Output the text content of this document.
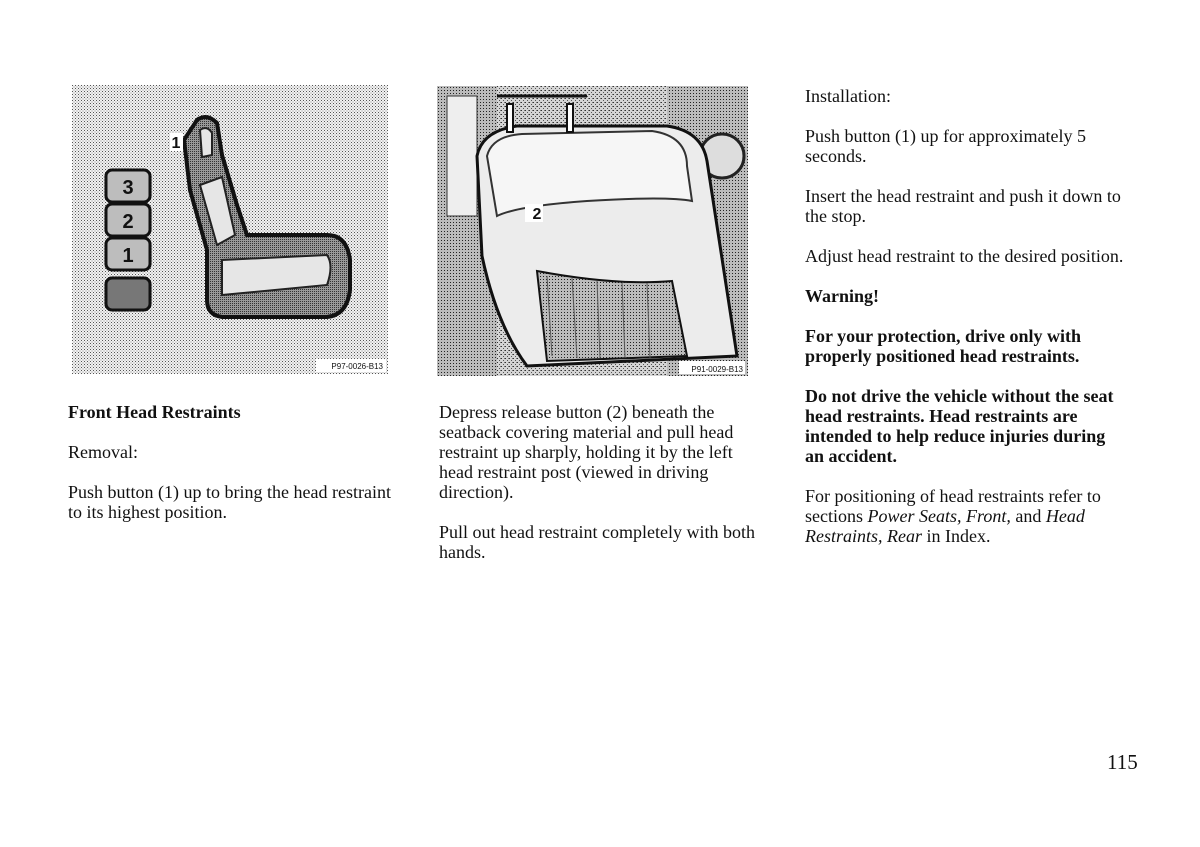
3
2
1
1
P97-0026-B13
2
P91-0029-B13

Front Head Restraints

Removal:

Push button (1) up to bring the head restraint to its highest position.

Depress release button (2) beneath the seatback covering material and pull head restraint up sharply, holding it by the left head restraint post (viewed in driving direction).

Pull out head restraint completely with both hands.

Installation:

Push button (1) up for approximately 5 seconds.

Insert the head restraint and push it down to the stop.

Adjust head restraint to the desired position.

Warning!

For your protection, drive only with properly positioned head restraints.

Do not drive the vehicle without the seat head restraints. Head restraints are intended to help reduce injuries during an accident.

For positioning of head restraints refer to sections Power Seats, Front, and Head Restraints, Rear in Index.

115
